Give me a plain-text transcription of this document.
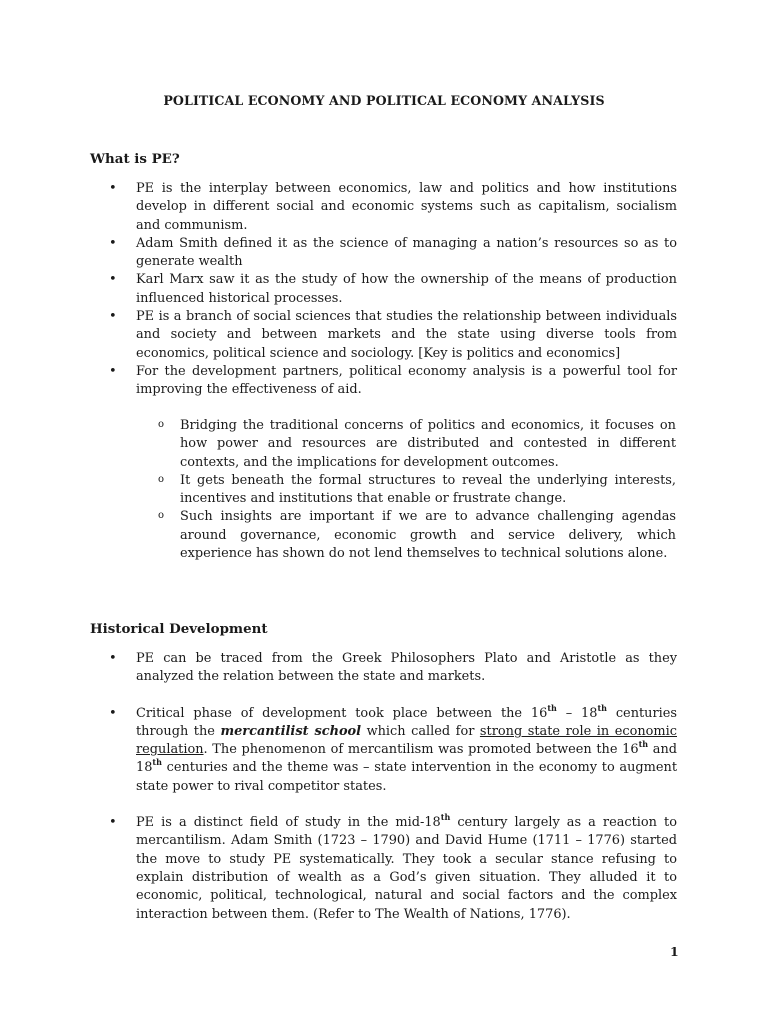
POLITICAL ECONOMY AND POLITICAL ECONOMY ANALYSIS
What is PE?
• PE is the interplay between economics, law and politics and how institutions develop in different social and economic systems such as capitalism, socialism and communism.
• Adam Smith defined it as the science of managing a nation’s resources so as to generate wealth
• Karl Marx saw it as the study of how the ownership of the means of production influenced historical processes.
• PE is a branch of social sciences that studies the relationship between individuals and society and between markets and the state using diverse tools from economics, political science and sociology. [Key is politics and economics]
• For the development partners, political economy analysis is a powerful tool for improving the effectiveness of aid.
o Bridging the traditional concerns of politics and economics, it focuses on how power and resources are distributed and contested in different contexts, and the implications for development outcomes.
o It gets beneath the formal structures to reveal the underlying interests, incentives and institutions that enable or frustrate change.
o Such insights are important if we are to advance challenging agendas around governance, economic growth and service delivery, which experience has shown do not lend themselves to technical solutions alone.
Historical Development
• PE can be traced from the Greek Philosophers Plato and Aristotle as they analyzed the relation between the state and markets.
• Critical phase of development took place between the 16th – 18th centuries through the mercantilist school which called for strong state role in economic regulation. The phenomenon of mercantilism was promoted between the 16th and 18th centuries and the theme was – state intervention in the economy to augment state power to rival competitor states.
• PE is a distinct field of study in the mid-18th century largely as a reaction to mercantilism. Adam Smith (1723 – 1790) and David Hume (1711 – 1776) started the move to study PE systematically. They took a secular stance refusing to explain distribution of wealth as a God’s given situation. They alluded it to economic, political, technological, natural and social factors and the complex interaction between them. (Refer to The Wealth of Nations, 1776).
1
